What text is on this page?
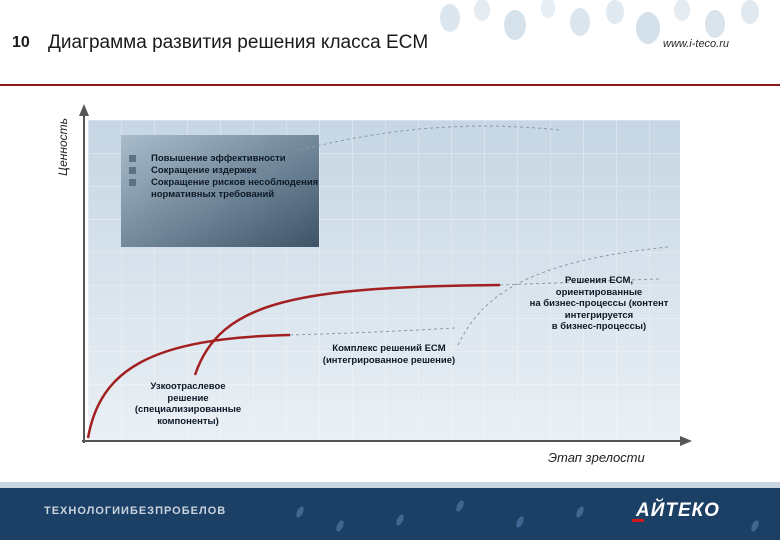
10 Диаграмма развития решения класса ECM	www.i-teco.ru
Ценность
Этап зрелости
Повышение эффективности
Сокращение издержек
Сокращение рисков несоблюдения нормативных требований
Узкоотраслевое
решение
(специализированные
компоненты)
Комплекс решений ECM
(интегрированное решение)
Решения ECM,
ориентированные
на бизнес-процессы (контент
интегрируется
в бизнес-процессы)
ТЕХНОЛОГИИБЕЗПРОБЕЛОВ	АЙТЕКО
